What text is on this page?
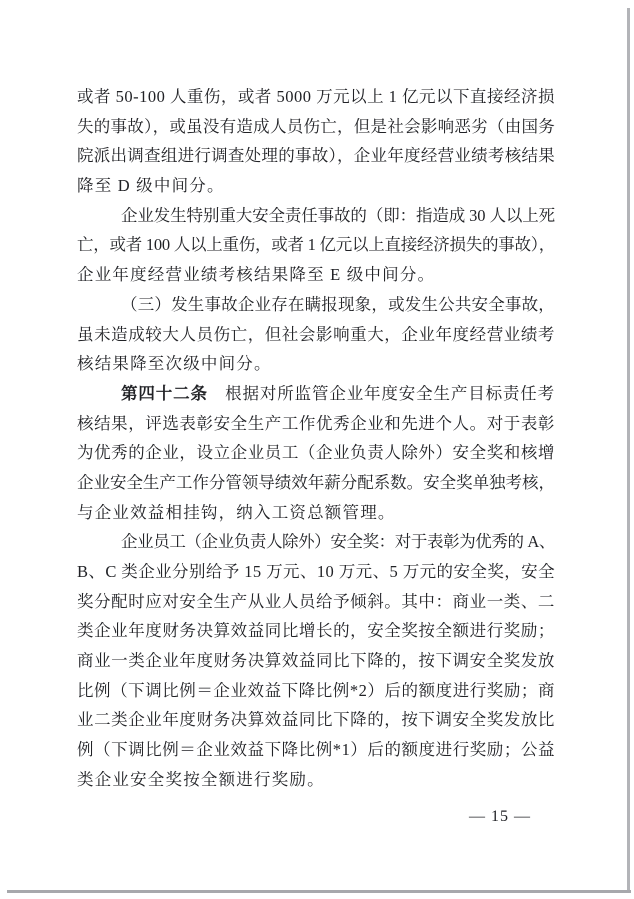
或者 50-100 人重伤，或者 5000 万元以上 1 亿元以下直接经济损
失的事故），或虽没有造成人员伤亡，但是社会影响恶劣（由国务
院派出调查组进行调查处理的事故），企业年度经营业绩考核结果
降至 D 级中间分。
企业发生特别重大安全责任事故的（即：指造成 30 人以上死
亡，或者 100 人以上重伤，或者 1 亿元以上直接经济损失的事故），
企业年度经营业绩考核结果降至 E 级中间分。
（三）发生事故企业存在瞒报现象，或发生公共安全事故，
虽未造成较大人员伤亡，但社会影响重大，企业年度经营业绩考
核结果降至次级中间分。
第四十二条　根据对所监管企业年度安全生产目标责任考
核结果，评选表彰安全生产工作优秀企业和先进个人。对于表彰
为优秀的企业，设立企业员工（企业负责人除外）安全奖和核增
企业安全生产工作分管领导绩效年薪分配系数。安全奖单独考核，
与企业效益相挂钩，纳入工资总额管理。
企业员工（企业负责人除外）安全奖：对于表彰为优秀的 A、
B、C 类企业分别给予 15 万元、10 万元、5 万元的安全奖，安全
奖分配时应对安全生产从业人员给予倾斜。其中：商业一类、二
类企业年度财务决算效益同比增长的，安全奖按全额进行奖励；
商业一类企业年度财务决算效益同比下降的，按下调安全奖发放
比例（下调比例＝企业效益下降比例*2）后的额度进行奖励；商
业二类企业年度财务决算效益同比下降的，按下调安全奖发放比
例（下调比例＝企业效益下降比例*1）后的额度进行奖励；公益
类企业安全奖按全额进行奖励。
— 15 —
